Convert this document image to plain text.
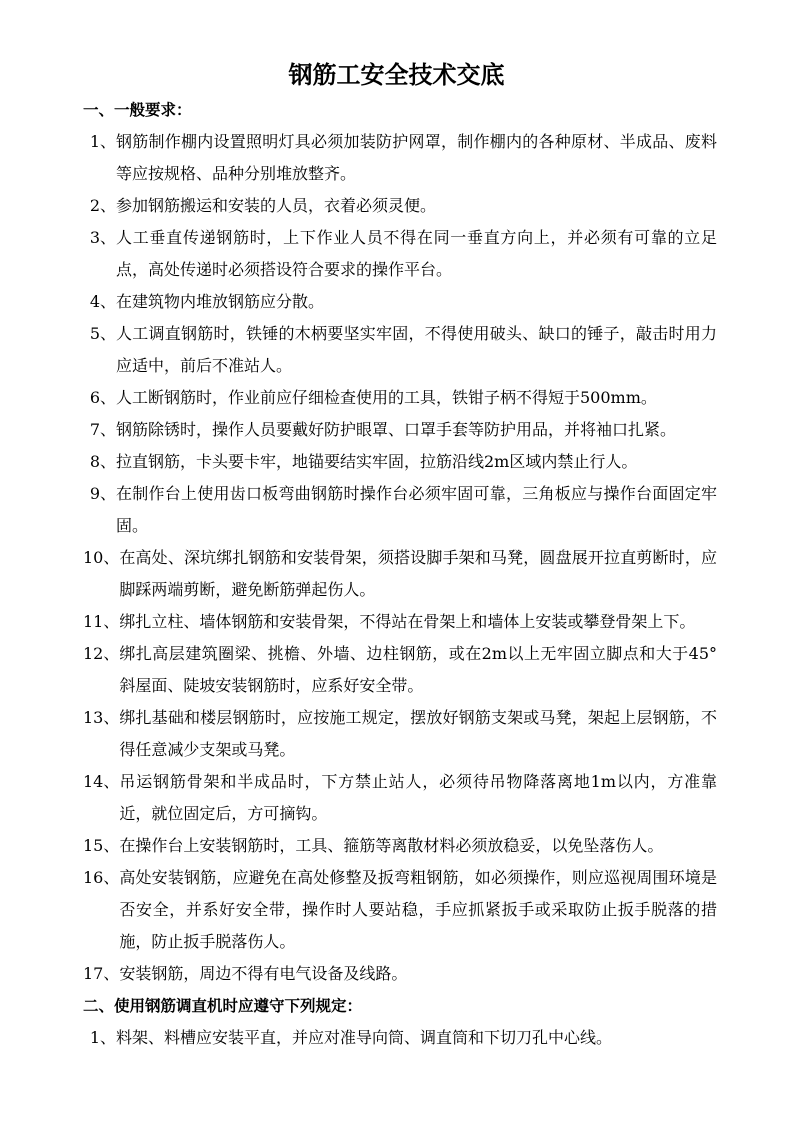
钢筋工安全技术交底
一、一般要求：
1、 钢筋制作棚内设置照明灯具必须加装防护网罩，制作棚内的各种原材、半成品、废料等应按规格、品种分别堆放整齐。
2、 参加钢筋搬运和安装的人员，衣着必须灵便。
3、 人工垂直传递钢筋时，上下作业人员不得在同一垂直方向上，并必须有可靠的立足点，高处传递时必须搭设符合要求的操作平台。
4、 在建筑物内堆放钢筋应分散。
5、 人工调直钢筋时，铁锤的木柄要坚实牢固，不得使用破头、缺口的锤子，敲击时用力应适中，前后不准站人。
6、 人工断钢筋时，作业前应仔细检查使用的工具，铁钳子柄不得短于500mm。
7、 钢筋除锈时，操作人员要戴好防护眼罩、口罩手套等防护用品，并将袖口扎紧。
8、 拉直钢筋，卡头要卡牢，地锚要结实牢固，拉筋沿线2m区域内禁止行人。
9、 在制作台上使用齿口板弯曲钢筋时操作台必须牢固可靠，三角板应与操作台面固定牢固。
10、 在高处、深坑绑扎钢筋和安装骨架，须搭设脚手架和马凳，圆盘展开拉直剪断时，应脚踩两端剪断，避免断筋弹起伤人。
11、 绑扎立柱、墙体钢筋和安装骨架，不得站在骨架上和墙体上安装或攀登骨架上下。
12、 绑扎高层建筑圈梁、挑檐、外墙、边柱钢筋，或在2m以上无牢固立脚点和大于45°斜屋面、陡坡安装钢筋时，应系好安全带。
13、 绑扎基础和楼层钢筋时，应按施工规定，摆放好钢筋支架或马凳，架起上层钢筋，不得任意减少支架或马凳。
14、 吊运钢筋骨架和半成品时，下方禁止站人，必须待吊物降落离地1m以内，方准靠近，就位固定后，方可摘钩。
15、 在操作台上安装钢筋时，工具、箍筋等离散材料必须放稳妥，以免坠落伤人。
16、 高处安装钢筋，应避免在高处修整及扳弯粗钢筋，如必须操作，则应巡视周围环境是否安全，并系好安全带，操作时人要站稳，手应抓紧扳手或采取防止扳手脱落的措施，防止扳手脱落伤人。
17、 安装钢筋，周边不得有电气设备及线路。
二、使用钢筋调直机时应遵守下列规定：
1、 料架、料槽应安装平直，并应对准导向筒、调直筒和下切刀孔中心线。
